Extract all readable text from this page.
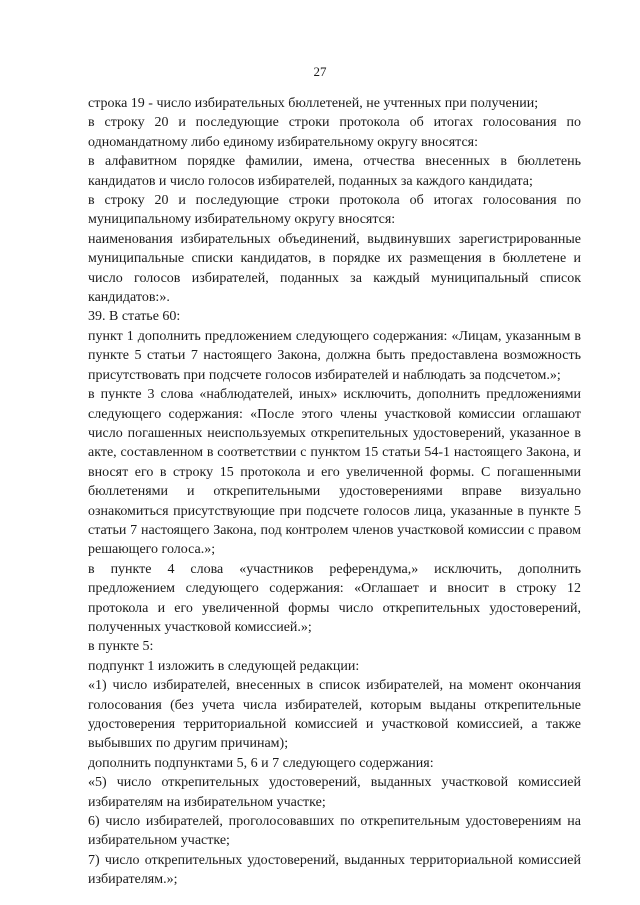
27

строка 19 - число избирательных бюллетеней, не учтенных при получении;

в строку 20 и последующие строки протокола об итогах голосования по одномандатному либо единому избирательному округу вносятся:

в алфавитном порядке фамилии, имена, отчества внесенных в бюллетень кандидатов и число голосов избирателей, поданных за каждого кандидата;

в строку 20 и последующие строки протокола об итогах голосования по муниципальному избирательному округу вносятся:

наименования избирательных объединений, выдвинувших зарегистрированные муниципальные списки кандидатов, в порядке их размещения в бюллетене и число голосов избирателей, поданных за каждый муниципальный список кандидатов:».

39. В статье 60:

пункт 1 дополнить предложением следующего содержания: «Лицам, указанным в пункте 5 статьи 7 настоящего Закона, должна быть предоставлена возможность присутствовать при подсчете голосов избирателей и наблюдать за подсчетом.»;

в пункте 3 слова «наблюдателей, иных» исключить, дополнить предложениями следующего содержания: «После этого члены участковой комиссии оглашают число погашенных неиспользуемых открепительных удостоверений, указанное в акте, составленном в соответствии с пунктом 15 статьи 54-1 настоящего Закона, и вносят его в строку 15 протокола и его увеличенной формы. С погашенными бюллетенями и открепительными удостоверениями вправе визуально ознакомиться присутствующие при подсчете голосов лица, указанные в пункте 5 статьи 7 настоящего Закона, под контролем членов участковой комиссии с правом решающего голоса.»;

в пункте 4 слова «участников референдума,» исключить, дополнить предложением следующего содержания: «Оглашает и вносит в строку 12 протокола и его увеличенной формы число открепительных удостоверений, полученных участковой комиссией.»;

в пункте 5:

подпункт 1 изложить в следующей редакции:

«1) число избирателей, внесенных в список избирателей, на момент окончания голосования (без учета числа избирателей, которым выданы открепительные удостоверения территориальной комиссией и участковой комиссией, а также выбывших по другим причинам);

дополнить подпунктами 5, 6 и 7 следующего содержания:

«5) число открепительных удостоверений, выданных участковой комиссией избирателям на избирательном участке;

6) число избирателей, проголосовавших по открепительным удостоверениям на избирательном участке;

7) число открепительных удостоверений, выданных территориальной комиссией избирателям.»;
